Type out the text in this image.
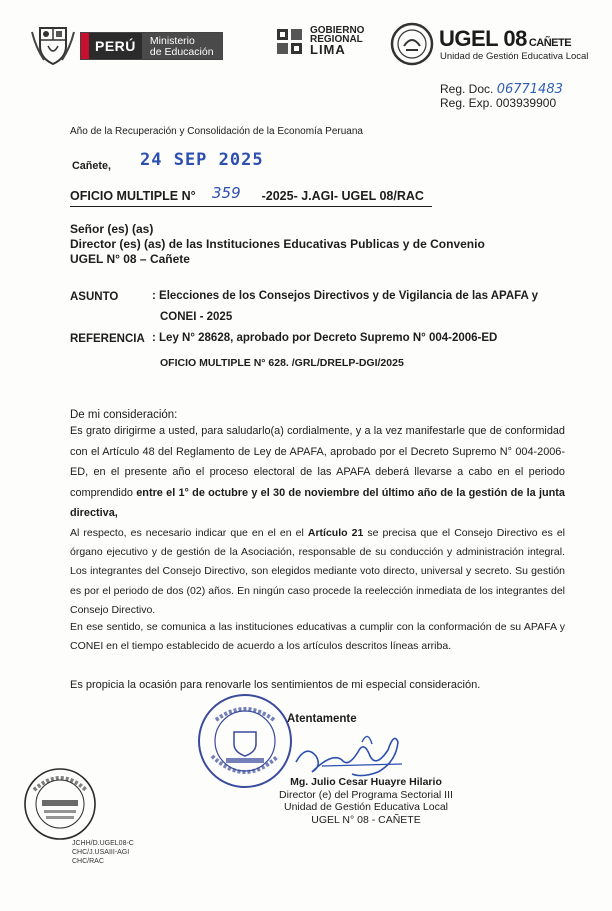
PERÚ	Ministerio
de Educación
GOBIERNO
REGIONAL
LIMA	UGEL 08 CAÑETE
Unidad de Gestión Educativa Local
Reg. Doc. 06771483
Reg. Exp. 003939900
Año de la Recuperación y Consolidación de la Economía Peruana
Cañete, 24 SEP 2025
OFICIO MULTIPLE N°	-2025- J.AGI- UGEL 08/RAC
359
Señor (es) (as)
Director (es) (as) de las Instituciones Educativas Publicas y de Convenio
UGEL N° 08 – Cañete
ASUNTO	: Elecciones de los Consejos Directivos y de Vigilancia de las APAFA y
CONEI - 2025
REFERENCIA : Ley N° 28628, aprobado por Decreto Supremo N° 004-2006-ED
OFICIO MULTIPLE N° 628. /GRL/DRELP-DGI/2025
De mi consideración:
Es grato dirigirme a usted, para saludarlo(a) cordialmente, y a la vez manifestarle que de conformidad con el Artículo 48 del Reglamento de Ley de APAFA, aprobado por el Decreto Supremo N° 004-2006-ED, en el presente año el proceso electoral de las APAFA deberá llevarse a cabo en el periodo comprendido entre el 1° de octubre y el 30 de noviembre del último año de la gestión de la junta directiva,
Al respecto, es necesario indicar que en el en el Artículo 21 se precisa que el Consejo Directivo es el órgano ejecutivo y de gestión de la Asociación, responsable de su conducción y administración integral. Los integrantes del Consejo Directivo, son elegidos mediante voto directo, universal y secreto. Su gestión es por el periodo de dos (02) años. En ningún caso procede la reelección inmediata de los integrantes del Consejo Directivo.
En ese sentido, se comunica a las instituciones educativas a cumplir con la conformación de su APAFA y CONEI en el tiempo establecido de acuerdo a los artículos descritos líneas arriba.
Es propicia la ocasión para renovarle los sentimientos de mi especial consideración.
Atentamente
Mg. Julio Cesar Huayre Hilario
Director (e) del Programa Sectorial III
Unidad de Gestión Educativa Local
UGEL N° 08 - CAÑETE
JCHH/D.UGEL08-C
CHC/J.USAIII-AGI
CHC/RAC
